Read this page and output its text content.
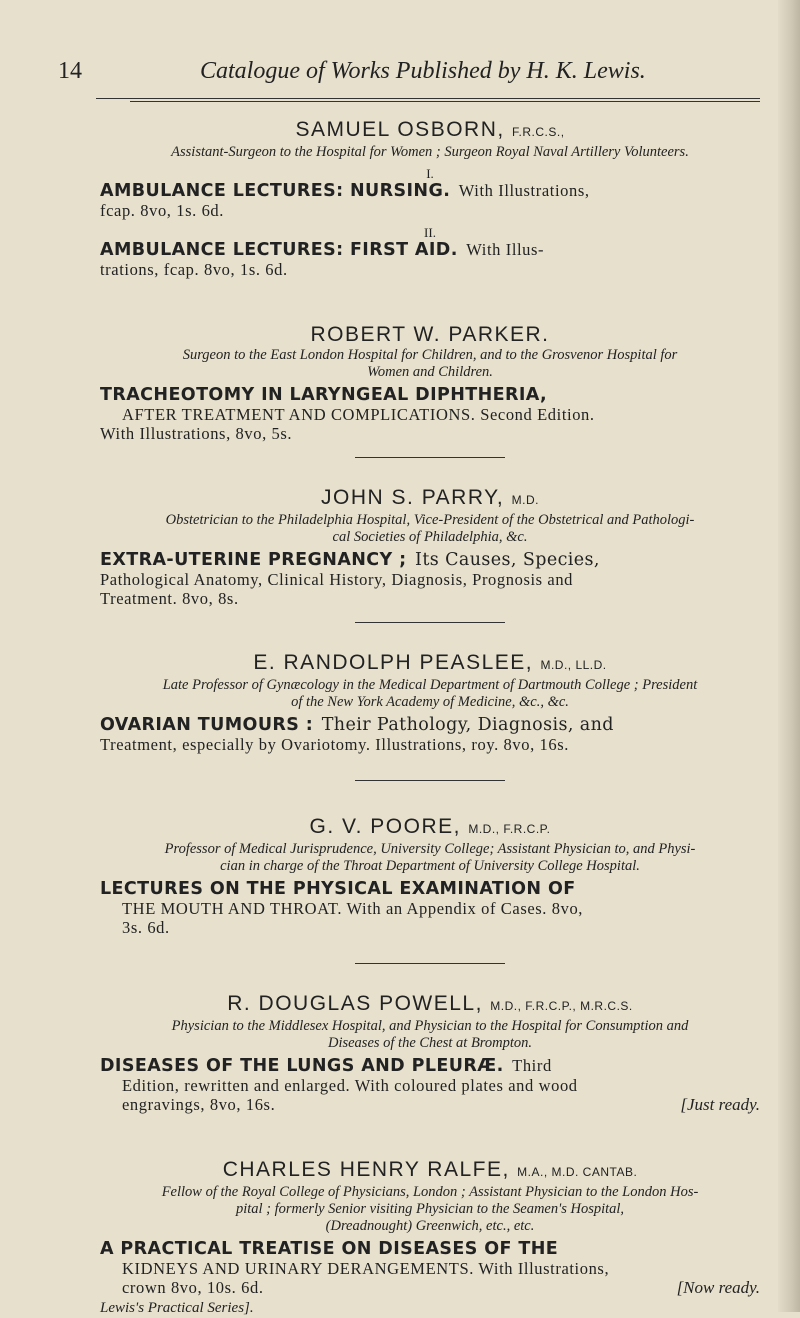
14	Catalogue of Works Published by H. K. Lewis.
SAMUEL OSBORN, F.R.C.S.,
Assistant-Surgeon to the Hospital for Women ; Surgeon Royal Naval Artillery Volunteers.
I.
AMBULANCE LECTURES: NURSING. With Illustrations,
fcap. 8vo, 1s. 6d.
II.
AMBULANCE LECTURES: FIRST AID. With Illus-
trations, fcap. 8vo, 1s. 6d.
ROBERT W. PARKER.
Surgeon to the East London Hospital for Children, and to the Grosvenor Hospital for
Women and Children.
TRACHEOTOMY IN LARYNGEAL DIPHTHERIA,
AFTER TREATMENT AND COMPLICATIONS. Second Edition.
With Illustrations, 8vo, 5s.
JOHN S. PARRY, M.D.
Obstetrician to the Philadelphia Hospital, Vice-President of the Obstetrical and Pathologi-
cal Societies of Philadelphia, &c.
EXTRA-UTERINE PREGNANCY ; Its Causes, Species,
Pathological Anatomy, Clinical History, Diagnosis, Prognosis and
Treatment. 8vo, 8s.
E. RANDOLPH PEASLEE, M.D., LL.D.
Late Professor of Gynæcology in the Medical Department of Dartmouth College ; President
of the New York Academy of Medicine, &c., &c.
OVARIAN TUMOURS : Their Pathology, Diagnosis, and
Treatment, especially by Ovariotomy. Illustrations, roy. 8vo, 16s.
G. V. POORE, M.D., F.R.C.P.
Professor of Medical Jurisprudence, University College; Assistant Physician to, and Physi-
cian in charge of the Throat Department of University College Hospital.
LECTURES ON THE PHYSICAL EXAMINATION OF
THE MOUTH AND THROAT. With an Appendix of Cases. 8vo,
3s. 6d.
R. DOUGLAS POWELL, M.D., F.R.C.P., M.R.C.S.
Physician to the Middlesex Hospital, and Physician to the Hospital for Consumption and
Diseases of the Chest at Brompton.
DISEASES OF THE LUNGS AND PLEURÆ. Third
Edition, rewritten and enlarged. With coloured plates and wood
engravings, 8vo, 16s.	[Just ready.
CHARLES HENRY RALFE, M.A., M.D. CANTAB.
Fellow of the Royal College of Physicians, London ; Assistant Physician to the London Hos-
pital ; formerly Senior visiting Physician to the Seamen's Hospital,
(Dreadnought) Greenwich, etc., etc.
A PRACTICAL TREATISE ON DISEASES OF THE
KIDNEYS AND URINARY DERANGEMENTS. With Illustrations,
crown 8vo, 10s. 6d.	[Now ready.

Lewis's Practical Series].
